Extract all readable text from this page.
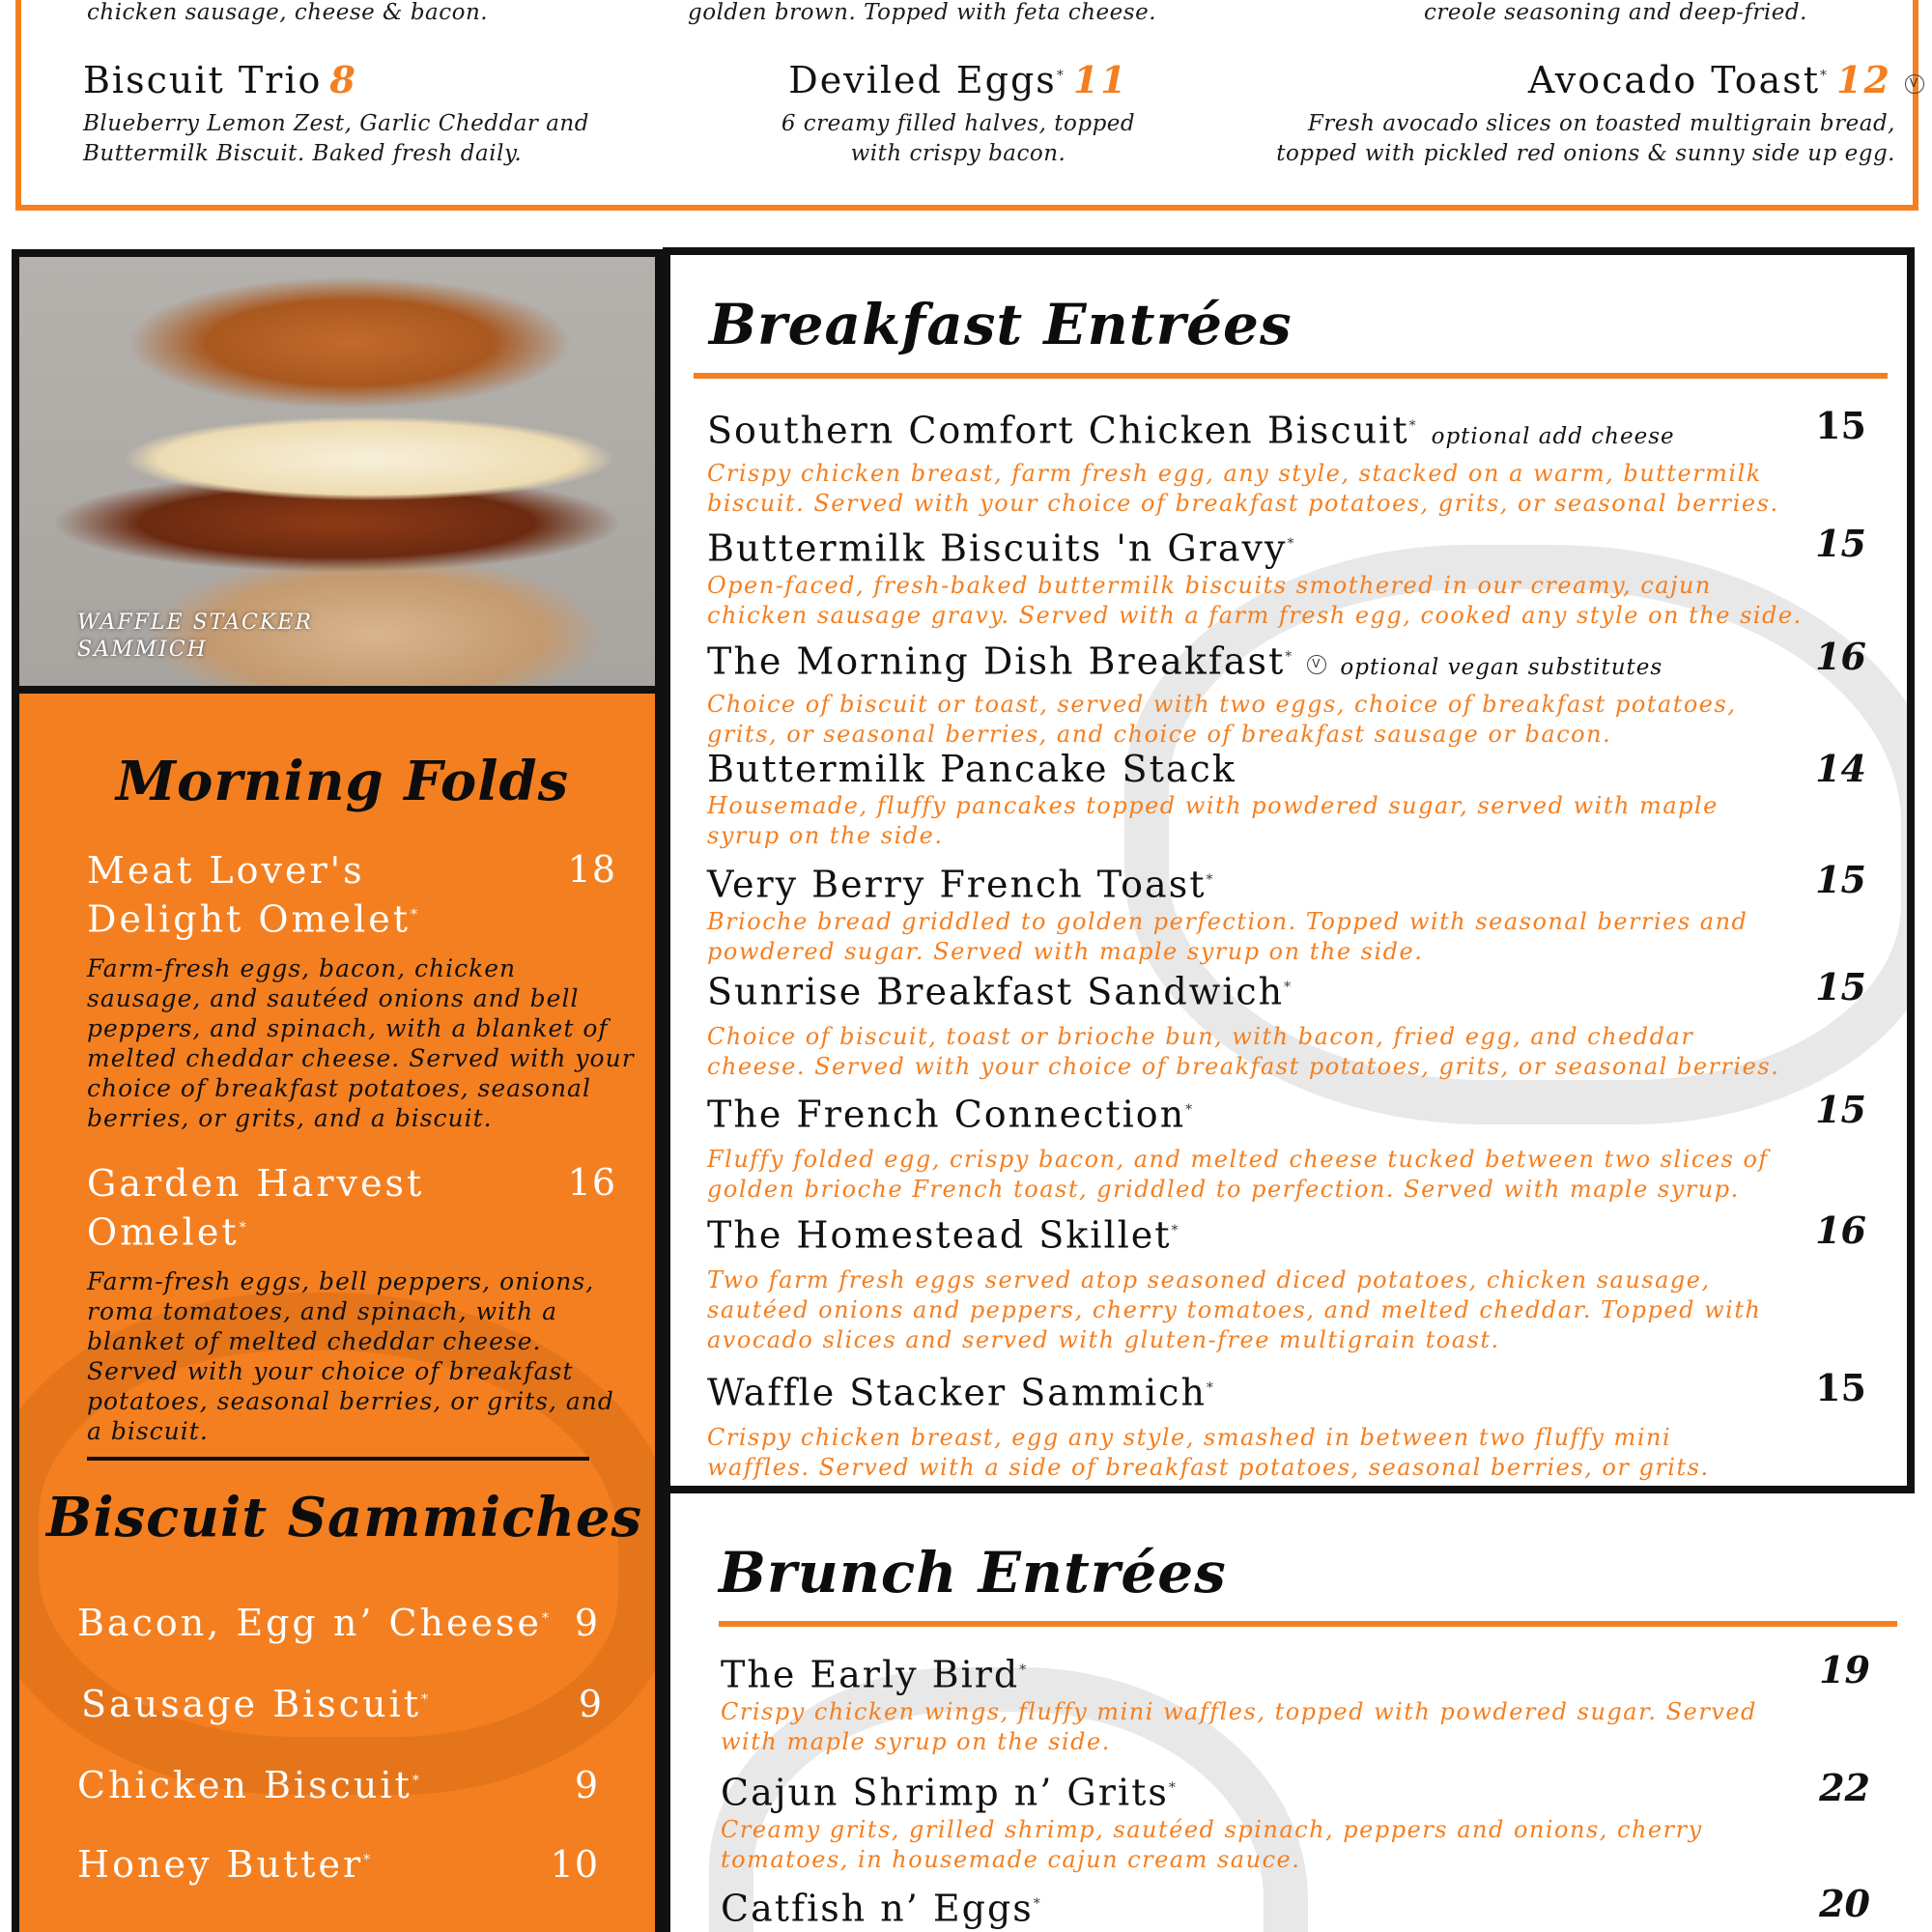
chicken sausage, cheese & bacon.	golden brown. Topped with feta cheese.	creole seasoning and deep-fried.
Biscuit Trio 8
Blueberry Lemon Zest, Garlic Cheddar and
Buttermilk Biscuit. Baked fresh daily.
Deviled Eggs* 11
6 creamy filled halves, topped
with crispy bacon.
Avocado Toast* 12 V
Fresh avocado slices on toasted multigrain bread,
topped with pickled red onions & sunny side up egg.
WAFFLE STACKER
SAMMICH
Morning Folds
Meat Lover's
Delight Omelet*
18
Farm-fresh eggs, bacon, chicken sausage, and sautéed onions and bell peppers, and spinach, with a blanket of melted cheddar cheese. Served with your choice of breakfast potatoes, seasonal berries, or grits, and a biscuit.
Garden Harvest
Omelet*
16
Farm-fresh eggs, bell peppers, onions, roma tomatoes, and spinach, with a blanket of melted cheddar cheese. Served with your choice of breakfast potatoes, seasonal berries, or grits, and a biscuit.
Biscuit Sammiches
Bacon, Egg n’ Cheese* 9
Sausage Biscuit*	9
Chicken Biscuit*	9
Honey Butter*	10
Breakfast Entrées
Southern Comfort Chicken Biscuit* optional add cheese	15
Crispy chicken breast, farm fresh egg, any style, stacked on a warm, buttermilk
biscuit. Served with your choice of breakfast potatoes, grits, or seasonal berries.
Buttermilk Biscuits 'n Gravy*	15
Open-faced, fresh-baked buttermilk biscuits smothered in our creamy, cajun
chicken sausage gravy. Served with a farm fresh egg, cooked any style on the side.
The Morning Dish Breakfast* V optional vegan substitutes	16
Choice of biscuit or toast, served with two eggs, choice of breakfast potatoes,
grits, or seasonal berries, and choice of breakfast sausage or bacon.
Buttermilk Pancake Stack	14
Housemade, fluffy pancakes topped with powdered sugar, served with maple
syrup on the side.
Very Berry French Toast*	15
Brioche bread griddled to golden perfection. Topped with seasonal berries and
powdered sugar. Served with maple syrup on the side.
Sunrise Breakfast Sandwich*	15
Choice of biscuit, toast or brioche bun, with bacon, fried egg, and cheddar
cheese. Served with your choice of breakfast potatoes, grits, or seasonal berries.
The French Connection*	15
Fluffy folded egg, crispy bacon, and melted cheese tucked between two slices of
golden brioche French toast, griddled to perfection. Served with maple syrup.
The Homestead Skillet*	16
Two farm fresh eggs served atop seasoned diced potatoes, chicken sausage,
sautéed onions and peppers, cherry tomatoes, and melted cheddar. Topped with
avocado slices and served with gluten-free multigrain toast.
Waffle Stacker Sammich*	15
Crispy chicken breast, egg any style, smashed in between two fluffy mini
waffles. Served with a side of breakfast potatoes, seasonal berries, or grits.
Brunch Entrées
The Early Bird*	19
Crispy chicken wings, fluffy mini waffles, topped with powdered sugar. Served
with maple syrup on the side.
Cajun Shrimp n’ Grits*	22
Creamy grits, grilled shrimp, sautéed spinach, peppers and onions, cherry
tomatoes, in housemade cajun cream sauce.
Catfish n’ Eggs*	20
